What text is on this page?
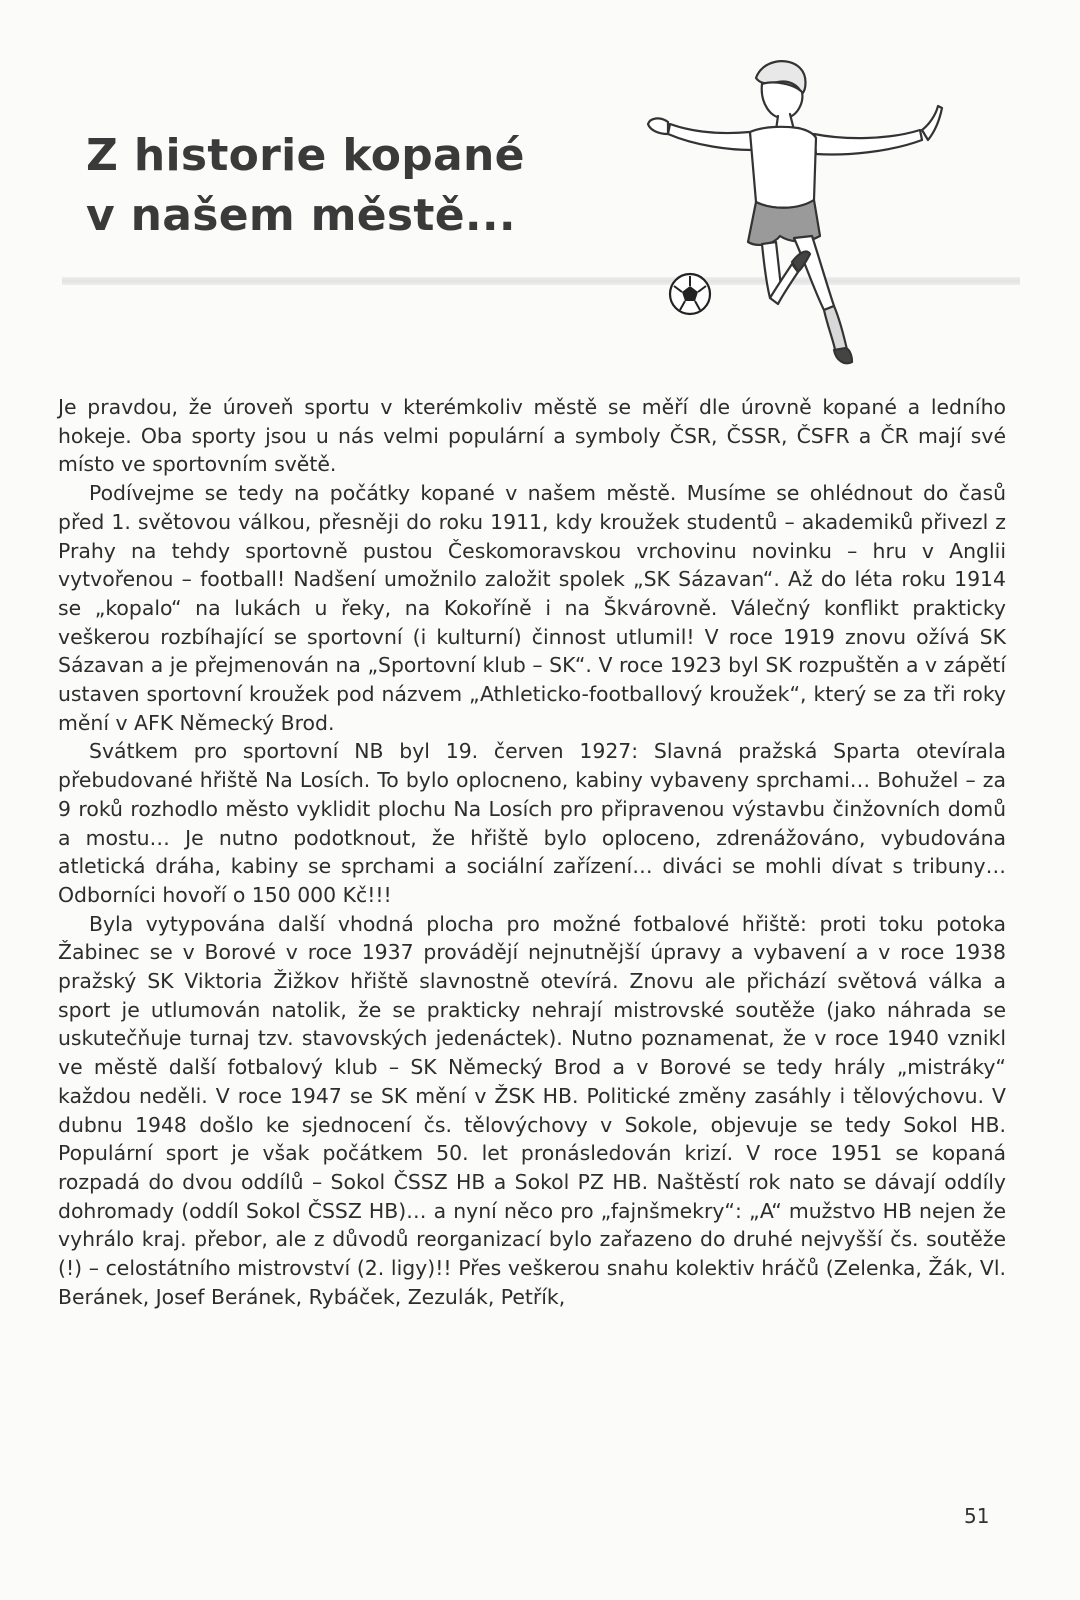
Z historie kopané
v našem městě...

Je pravdou, že úroveň sportu v kterémkoliv městě se měří dle úrovně kopané a ledního hokeje. Oba sporty jsou u nás velmi populární a symboly ČSR, ČSSR, ČSFR a ČR mají své místo ve sportovním světě.

Podívejme se tedy na počátky kopané v našem městě. Musíme se ohlédnout do časů před 1. světovou válkou, přesněji do roku 1911, kdy kroužek studentů – akademiků přivezl z Prahy na tehdy sportovně pustou Českomoravskou vrchovinu novinku – hru v Anglii vytvořenou – football! Nadšení umožnilo založit spolek „SK Sázavan“. Až do léta roku 1914 se „kopalo“ na lukách u řeky, na Kokoříně i na Škvárovně. Válečný konflikt prakticky veškerou rozbíhající se sportovní (i kulturní) činnost utlumil! V roce 1919 znovu ožívá SK Sázavan a je přejmenován na „Sportovní klub – SK“. V roce 1923 byl SK rozpuštěn a v zápětí ustaven sportovní kroužek pod názvem „Athleticko-footballový kroužek“, který se za tři roky mění v AFK Německý Brod.

Svátkem pro sportovní NB byl 19. červen 1927: Slavná pražská Sparta otevírala přebudované hřiště Na Losích. To bylo oplocneno, kabiny vybaveny sprchami… Bohužel – za 9 roků rozhodlo město vyklidit plochu Na Losích pro připravenou výstavbu činžovních domů a mostu… Je nutno podotknout, že hřiště bylo oploceno, zdrenážováno, vybudována atletická dráha, kabiny se sprchami a sociální zařízení… diváci se mohli dívat s tribuny… Odborníci hovoří o 150 000 Kč!!!

Byla vytypována další vhodná plocha pro možné fotbalové hřiště: proti toku potoka Žabinec se v Borové v roce 1937 provádějí nejnutnější úpravy a vybavení a v roce 1938 pražský SK Viktoria Žižkov hřiště slavnostně otevírá. Znovu ale přichází světová válka a sport je utlumován natolik, že se prakticky nehrají mistrovské soutěže (jako náhrada se uskutečňuje turnaj tzv. stavovských jedenáctek). Nutno poznamenat, že v roce 1940 vznikl ve městě další fotbalový klub – SK Německý Brod a v Borové se tedy hrály „mistráky“ každou neděli. V roce 1947 se SK mění v ŽSK HB. Politické změny zasáhly i tělovýchovu. V dubnu 1948 došlo ke sjednocení čs. tělovýchovy v Sokole, objevuje se tedy Sokol HB. Populární sport je však počátkem 50. let pronásledován krizí. V roce 1951 se kopaná rozpadá do dvou oddílů – Sokol ČSSZ HB a Sokol PZ HB. Naštěstí rok nato se dávají oddíly dohromady (oddíl Sokol ČSSZ HB)… a nyní něco pro „fajnšmekry“: „A“ mužstvo HB nejen že vyhrálo kraj. přebor, ale z důvodů reorganizací bylo zařazeno do druhé nejvyšší čs. soutěže (!) – celostátního mistrovství (2. ligy)!! Přes veškerou snahu kolektiv hráčů (Zelenka, Žák, Vl. Beránek, Josef Beránek, Rybáček, Zezulák, Petřík,

51
